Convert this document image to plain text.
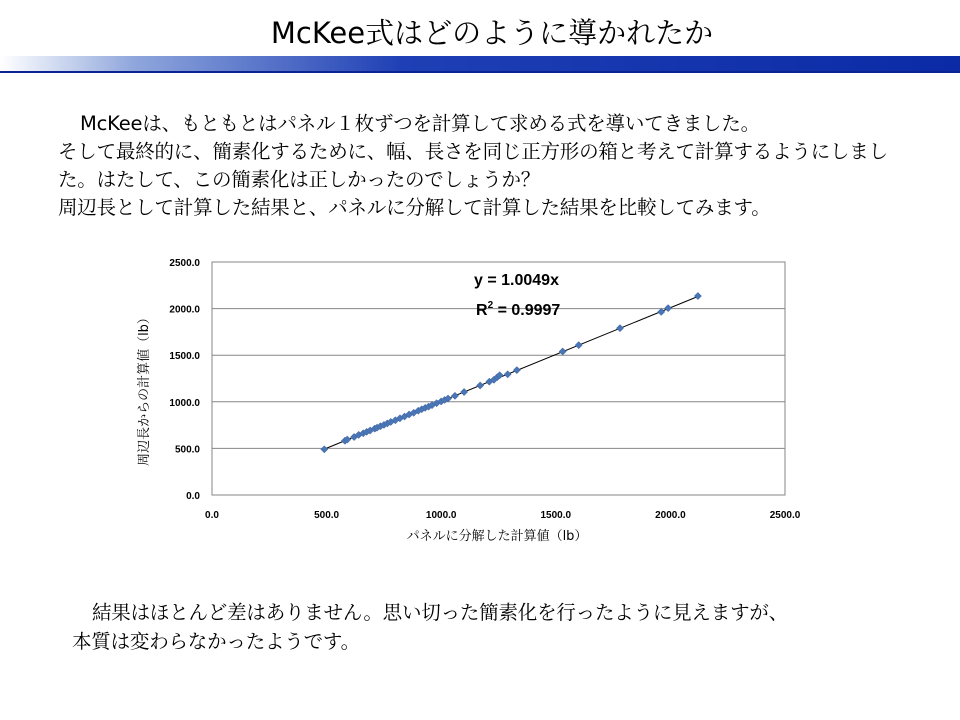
McKee式はどのように導かれたか

McKeeは、もともとはパネル１枚ずつを計算して求める式を導いてきました。

そして最終的に、簡素化するために、幅、長さを同じ正方形の箱と考えて計算するようにしました。はたして、この簡素化は正しかったのでしょうか？

周辺長として計算した結果と、パネルに分解して計算した結果を比較してみます。

0.0
500.0
1000.0
1500.0
2000.0
2500.0
0.0	500.0	1000.0	1500.0	2000.0	2500.0
y = 1.0049x
$R^2 = 0.9997$
パネルに分解した計算値（lb）
周辺長からの計算値（lb）

結果はほとんど差はありません。思い切った簡素化を行ったように見えますが、

本質は変わらなかったようです。
